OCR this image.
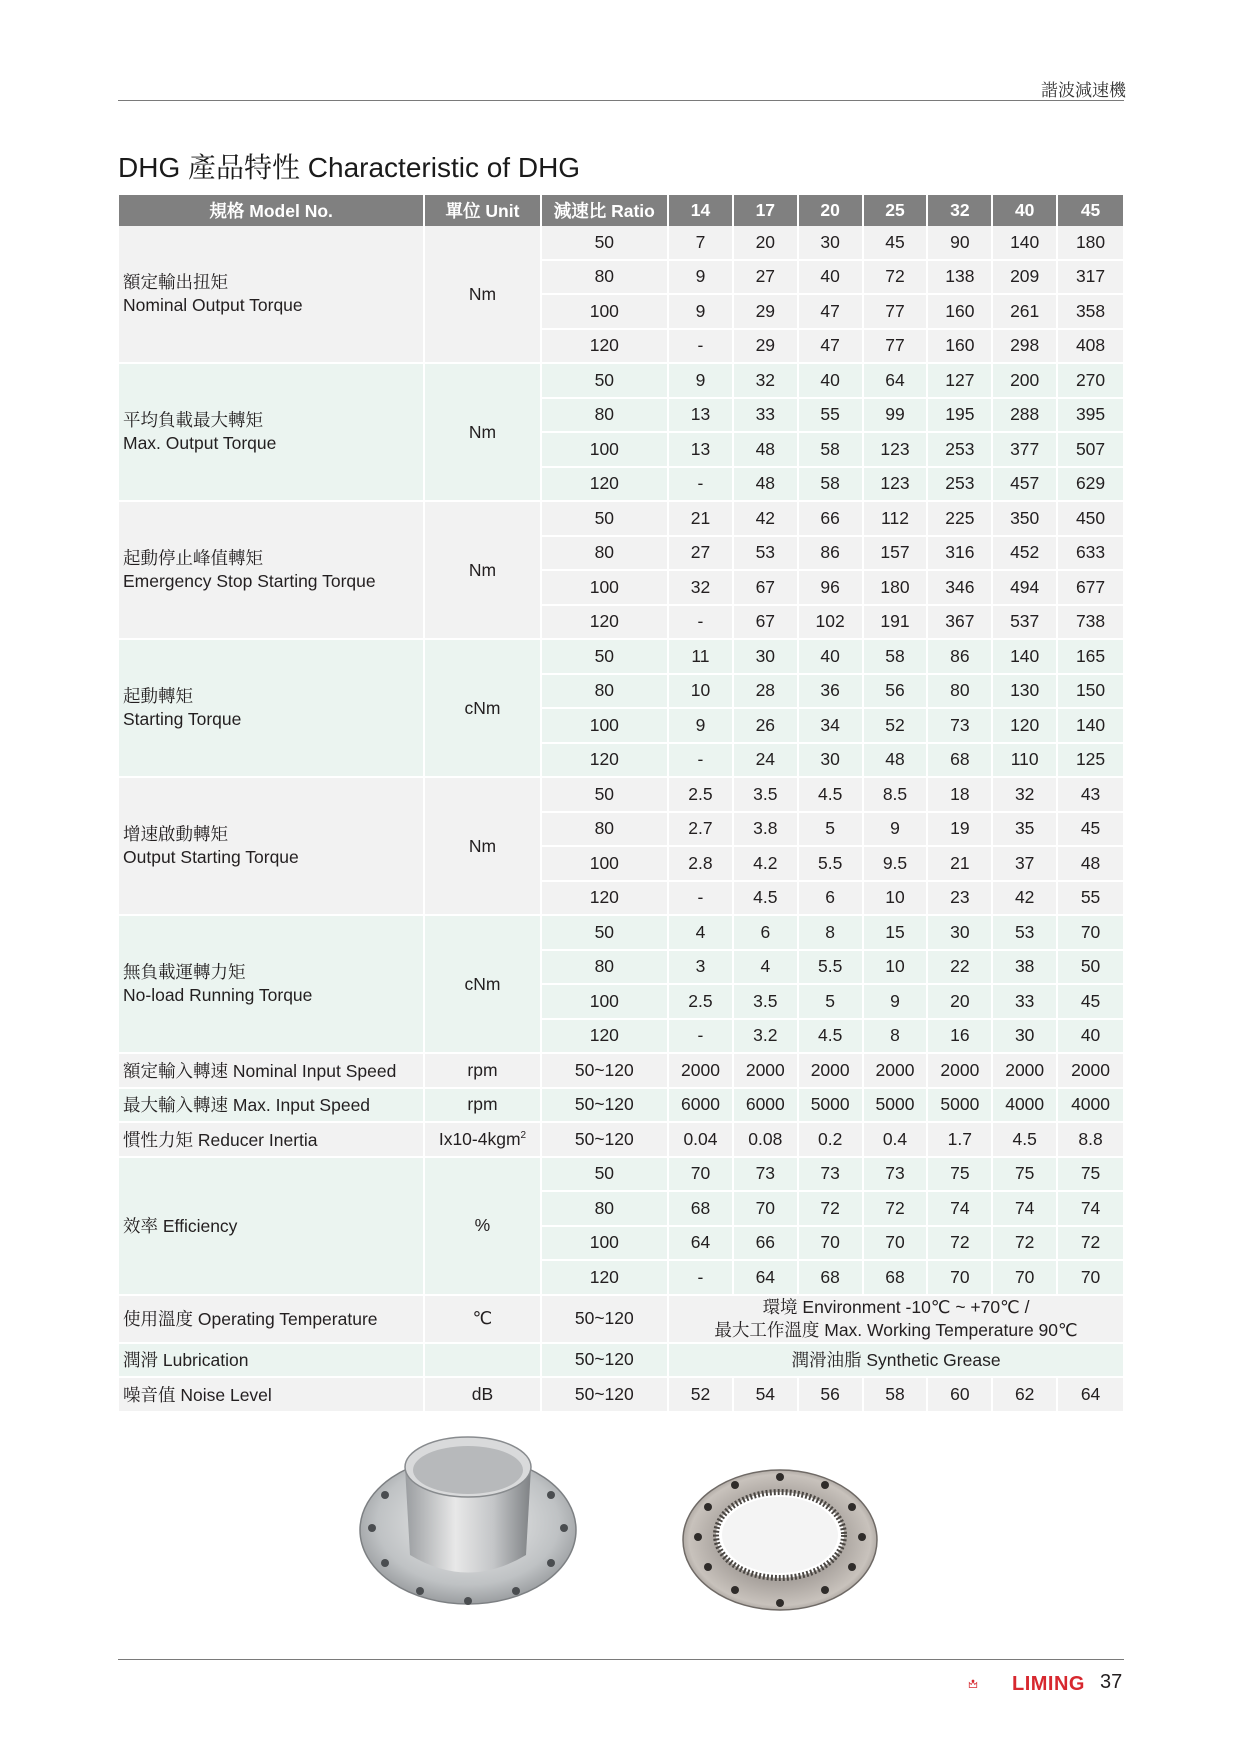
諧波減速機
DHG 產品特性 Characteristic of DHG
規格 Model No.	單位 Unit	減速比 Ratio	14	17	20	25	32	40	45

額定輸出扭矩
Nominal Output Torque	Nm	50	7	20	30	45	90	140	180
		80	9	27	40	72	138	209	317
		100	9	29	47	77	160	261	358
		120	-	29	47	77	160	298	408

平均負載最大轉矩
Max. Output Torque	Nm	50	9	32	40	64	127	200	270
		80	13	33	55	99	195	288	395
		100	13	48	58	123	253	377	507
		120	-	48	58	123	253	457	629

起動停止峰值轉矩
Emergency Stop Starting Torque	Nm	50	21	42	66	112	225	350	450
		80	27	53	86	157	316	452	633
		100	32	67	96	180	346	494	677
		120	-	67	102	191	367	537	738

起動轉矩
Starting Torque	cNm	50	11	30	40	58	86	140	165
		80	10	28	36	56	80	130	150
		100	9	26	34	52	73	120	140
		120	-	24	30	48	68	110	125

增速啟動轉矩
Output Starting Torque	Nm	50	2.5	3.5	4.5	8.5	18	32	43
		80	2.7	3.8	5	9	19	35	45
		100	2.8	4.2	5.5	9.5	21	37	48
		120	-	4.5	6	10	23	42	55

無負載運轉力矩
No-load Running Torque	cNm	50	4	6	8	15	30	53	70
		80	3	4	5.5	10	22	38	50
		100	2.5	3.5	5	9	20	33	45
		120	-	3.2	4.5	8	16	30	40
額定輸入轉速 Nominal Input Speed	rpm	50~120	2000	2000	2000	2000	2000	2000	2000
最大輸入轉速 Max. Input Speed	rpm	50~120	6000	6000	5000	5000	5000	4000	4000
慣性力矩 Reducer Inertia	Ix10-4kgm$^2$	50~120	0.04	0.08	0.2	0.4	1.7	4.5	8.8
效率 Efficiency	%	50	70	73	73	73	75	75	75
		80	68	70	72	72	74	74	74
		100	64	66	70	70	72	72	72
		120	-	64	68	68	70	70	70
使用溫度 Operating Temperature	℃	50~120	環境 Environment -10℃ ~ +70℃ /
最大工作溫度 Max. Working Temperature 90℃						

潤滑 Lubrication		50~120	潤滑油脂 Synthetic Grease						
噪音值 Noise Level	dB	50~120	52	54	56	58	60	62	64
LIMING 37
